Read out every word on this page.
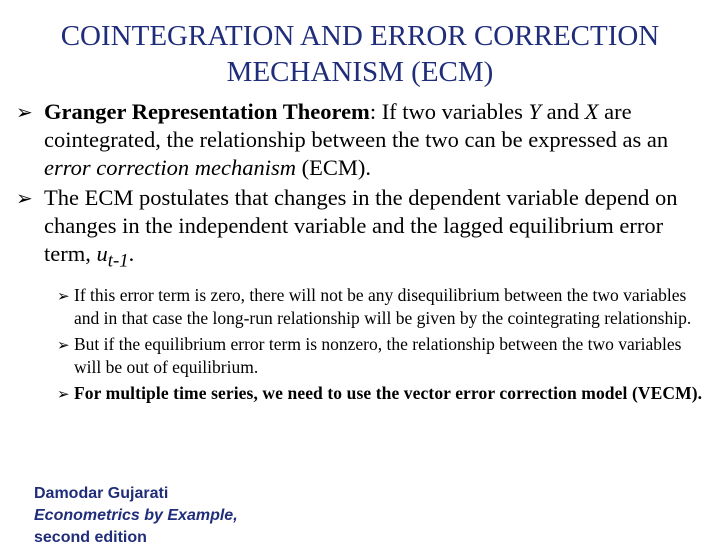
COINTEGRATION AND ERROR CORRECTION
MECHANISM (ECM)
➢ Granger Representation Theorem: If two variables Y and X are cointegrated, the relationship between the two can be expressed as an error correction mechanism (ECM).
➢ The ECM postulates that changes in the dependent variable depend on changes in the independent variable and the lagged equilibrium error term, $u_{t-1}$.
➢ If this error term is zero, there will not be any disequilibrium between the two variables and in that case the long-run relationship will be given by the cointegrating relationship.
➢ But if the equilibrium error term is nonzero, the relationship between the two variables will be out of equilibrium.
➢ For multiple time series, we need to use the vector error correction model (VECM).
Damodar Gujarati
Econometrics by Example,
second edition
